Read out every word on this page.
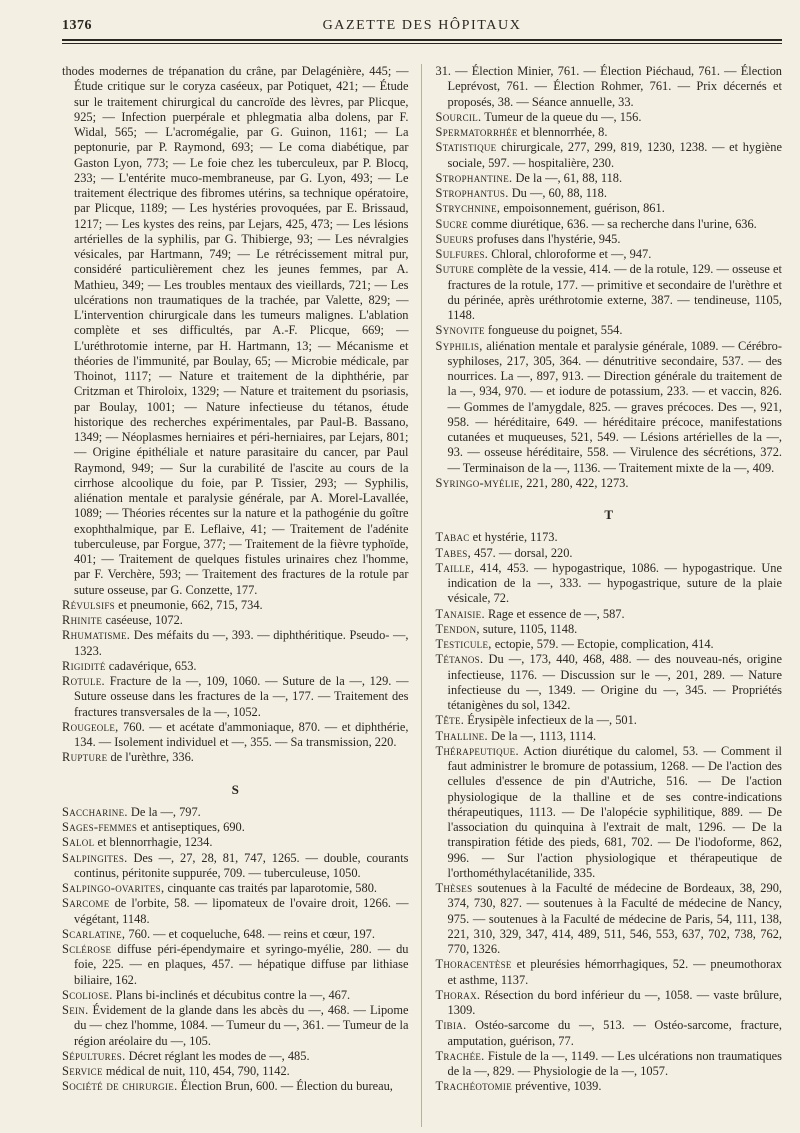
1376	GAZETTE DES HÔPITAUX

thodes modernes de trépanation du crâne, par Delagénière, 445; — Étude critique sur le coryza caséeux, par Potiquet, 421; — Étude sur le traitement chirurgical du cancroïde des lèvres, par Plicque, 925; — Infection puerpérale et phlegmatia alba dolens, par F. Widal, 565; — L'acromégalie, par G. Guinon, 1161; — La peptonurie, par P. Raymond, 693; — Le coma diabétique, par Gaston Lyon, 773; — Le foie chez les tuberculeux, par P. Blocq, 233; — L'entérite muco-membraneuse, par G. Lyon, 493; — Le traitement électrique des fibromes utérins, sa technique opératoire, par Plicque, 1189; — Les hystéries provoquées, par E. Brissaud, 1217; — Les kystes des reins, par Lejars, 425, 473; — Les lésions artérielles de la syphilis, par G. Thibierge, 93; — Les névralgies vésicales, par Hartmann, 749; — Le rétrécissement mitral pur, considéré particulièrement chez les jeunes femmes, par A. Mathieu, 349; — Les troubles mentaux des vieillards, 721; — Les ulcérations non traumatiques de la trachée, par Valette, 829; — L'intervention chirurgicale dans les tumeurs malignes. L'ablation complète et ses difficultés, par A.-F. Plicque, 669; — L'uréthrotomie interne, par H. Hartmann, 13; — Mécanisme et théories de l'immunité, par Boulay, 65; — Microbie médicale, par Thoinot, 1117; — Nature et traitement de la diphthérie, par Critzman et Thiroloix, 1329; — Nature et traitement du psoriasis, par Boulay, 1001; — Nature infectieuse du tétanos, étude historique des recherches expérimentales, par Paul-B. Bassano, 1349; — Néoplasmes herniaires et péri-herniaires, par Lejars, 801; — Origine épithéliale et nature parasitaire du cancer, par Paul Raymond, 949; — Sur la curabilité de l'ascite au cours de la cirrhose alcoolique du foie, par P. Tissier, 293; — Syphilis, aliénation mentale et paralysie générale, par A. Morel-Lavallée, 1089; — Théories récentes sur la nature et la pathogénie du goître exophthalmique, par E. Leflaive, 41; — Traitement de l'adénite tuberculeuse, par Forgue, 377; — Traitement de la fièvre typhoïde, 401; — Traitement de quelques fistules urinaires chez l'homme, par F. Verchère, 593; — Traitement des fractures de la rotule par suture osseuse, par G. Conzette, 177.

Révulsifs et pneumonie, 662, 715, 734.

Rhinite caséeuse, 1072.

Rhumatisme. Des méfaits du —, 393. — diphthéritique. Pseudo- —, 1323.

Rigidité cadavérique, 653.

Rotule. Fracture de la —, 109, 1060. — Suture de la —, 129. — Suture osseuse dans les fractures de la —, 177. — Traitement des fractures transversales de la —, 1052.

Rougeole, 760. — et acétate d'ammoniaque, 870. — et diphthérie, 134. — Isolement individuel et —, 355. — Sa transmission, 220.

Rupture de l'urèthre, 336.

S

Saccharine. De la —, 797.

Sages-femmes et antiseptiques, 690.

Salol et blennorrhagie, 1234.

Salpingites. Des —, 27, 28, 81, 747, 1265. — double, courants continus, péritonite suppurée, 709. — tuberculeuse, 1050.

Salpingo-ovarites, cinquante cas traités par laparotomie, 580.

Sarcome de l'orbite, 58. — lipomateux de l'ovaire droit, 1266. — végétant, 1148.

Scarlatine, 760. — et coqueluche, 648. — reins et cœur, 197.

Sclérose diffuse péri-épendymaire et syringo-myélie, 280. — du foie, 225. — en plaques, 457. — hépatique diffuse par lithiase biliaire, 162.

Scoliose. Plans bi-inclinés et décubitus contre la —, 467.

Sein. Évidement de la glande dans les abcès du —, 468. — Lipome du — chez l'homme, 1084. — Tumeur du —, 361. — Tumeur de la région aréolaire du —, 105.

Sépultures. Décret réglant les modes de —, 485.

Service médical de nuit, 110, 454, 790, 1142.

Société de chirurgie. Élection Brun, 600. — Élection du bureau,

31. — Élection Minier, 761. — Élection Piéchaud, 761. — Élection Leprévost, 761. — Élection Rohmer, 761. — Prix décernés et proposés, 38. — Séance annuelle, 33.

Sourcil. Tumeur de la queue du —, 156.

Spermatorrhée et blennorrhée, 8.

Statistique chirurgicale, 277, 299, 819, 1230, 1238. — et hygiène sociale, 597. — hospitalière, 230.

Strophantine. De la —, 61, 88, 118.

Strophantus. Du —, 60, 88, 118.

Strychnine, empoisonnement, guérison, 861.

Sucre comme diurétique, 636. — sa recherche dans l'urine, 636.

Sueurs profuses dans l'hystérie, 945.

Sulfures. Chloral, chloroforme et —, 947.

Suture complète de la vessie, 414. — de la rotule, 129. — osseuse et fractures de la rotule, 177. — primitive et secondaire de l'urèthre et du périnée, après uréthrotomie externe, 387. — tendineuse, 1105, 1148.

Synovite fongueuse du poignet, 554.

Syphilis, aliénation mentale et paralysie générale, 1089. — Cérébro-syphiloses, 217, 305, 364. — dénutritive secondaire, 537. — des nourrices. La —, 897, 913. — Direction générale du traitement de la —, 934, 970. — et iodure de potassium, 233. — et vaccin, 826. — Gommes de l'amygdale, 825. — graves précoces. Des —, 921, 958. — héréditaire, 649. — héréditaire précoce, manifestations cutanées et muqueuses, 521, 549. — Lésions artérielles de la —, 93. — osseuse héréditaire, 558. — Virulence des sécrétions, 372. — Terminaison de la —, 1136. — Traitement mixte de la —, 409.

Syringo-myélie, 221, 280, 422, 1273.

T

Tabac et hystérie, 1173.

Tabes, 457. — dorsal, 220.

Taille, 414, 453. — hypogastrique, 1086. — hypogastrique. Une indication de la —, 333. — hypogastrique, suture de la plaie vésicale, 72.

Tanaisie. Rage et essence de —, 587.

Tendon, suture, 1105, 1148.

Testicule, ectopie, 579. — Ectopie, complication, 414.

Tétanos. Du —, 173, 440, 468, 488. — des nouveau-nés, origine infectieuse, 1176. — Discussion sur le —, 201, 289. — Nature infectieuse du —, 1349. — Origine du —, 345. — Propriétés tétanigènes du sol, 1342.

Tête. Érysipèle infectieux de la —, 501.

Thalline. De la —, 1113, 1114.

Thérapeutique. Action diurétique du calomel, 53. — Comment il faut administrer le bromure de potassium, 1268. — De l'action des cellules d'essence de pin d'Autriche, 516. — De l'action physiologique de la thalline et de ses contre-indications thérapeutiques, 1113. — De l'alopécie syphilitique, 889. — De l'association du quinquina à l'extrait de malt, 1296. — De la transpiration fétide des pieds, 681, 702. — De l'iodoforme, 862, 996. — Sur l'action physiologique et thérapeutique de l'orthométhylacétanilide, 335.

Thèses soutenues à la Faculté de médecine de Bordeaux, 38, 290, 374, 730, 827. — soutenues à la Faculté de médecine de Nancy, 975. — soutenues à la Faculté de médecine de Paris, 54, 111, 138, 221, 310, 329, 347, 414, 489, 511, 546, 553, 637, 702, 738, 762, 770, 1326.

Thoracentèse et pleurésies hémorrhagiques, 52. — pneumothorax et asthme, 1137.

Thorax. Résection du bord inférieur du —, 1058. — vaste brûlure, 1309.

Tibia. Ostéo-sarcome du —, 513. — Ostéo-sarcome, fracture, amputation, guérison, 77.

Trachée. Fistule de la —, 1149. — Les ulcérations non traumatiques de la —, 829. — Physiologie de la —, 1057.

Trachéotomie préventive, 1039.
